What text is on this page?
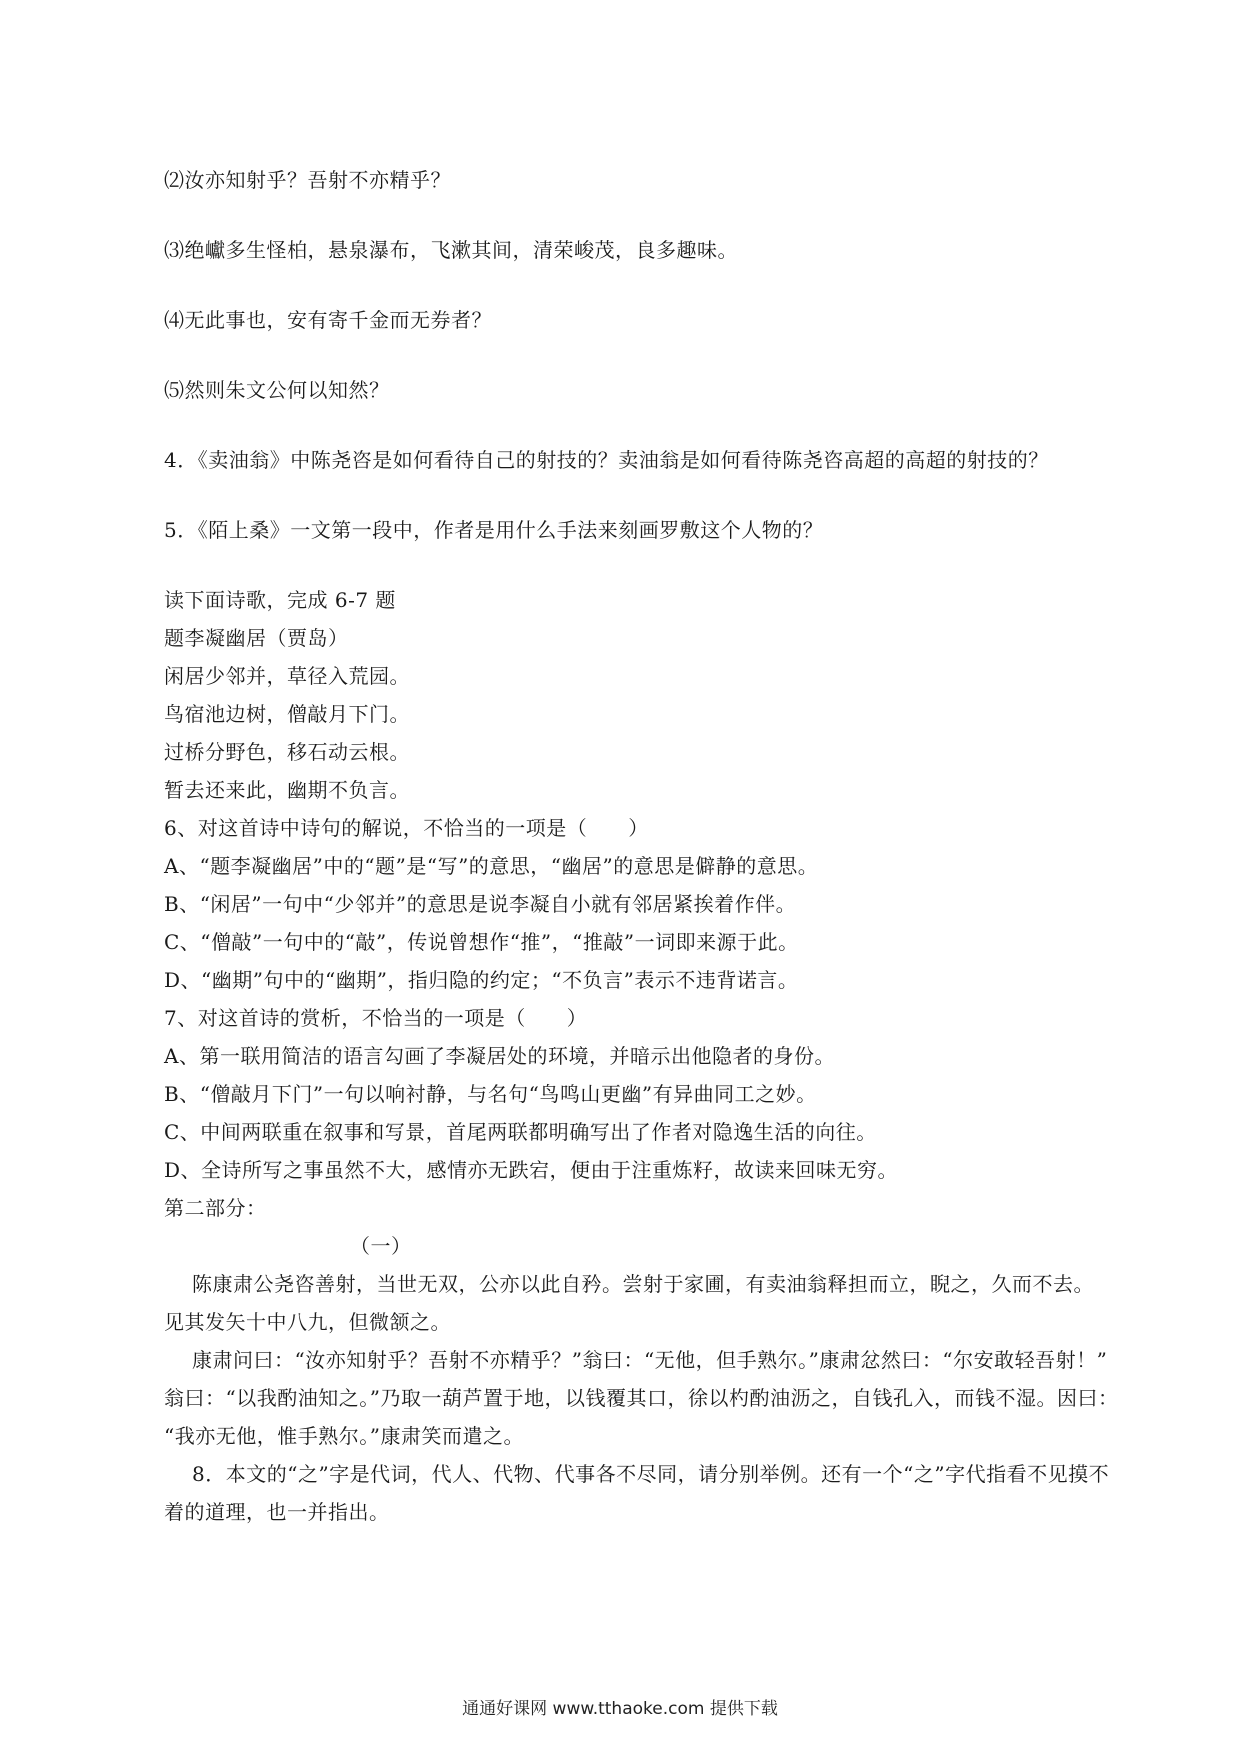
⑵汝亦知射乎？吾射不亦精乎？
⑶绝巘多生怪柏，悬泉瀑布，飞漱其间，清荣峻茂，良多趣味。
⑷无此事也，安有寄千金而无券者？
⑸然则朱文公何以知然？
4．《卖油翁》中陈尧咨是如何看待自己的射技的？卖油翁是如何看待陈尧咨高超的高超的射技的？
5．《陌上桑》一文第一段中，作者是用什么手法来刻画罗敷这个人物的？
读下面诗歌，完成 6-7 题
题李凝幽居（贾岛）
闲居少邻并，草径入荒园。
鸟宿池边树，僧敲月下门。
过桥分野色，移石动云根。
暂去还来此，幽期不负言。
6、对这首诗中诗句的解说，不恰当的一项是（　　）
A、“题李凝幽居”中的“题”是“写”的意思，“幽居”的意思是僻静的意思。
B、“闲居”一句中“少邻并”的意思是说李凝自小就有邻居紧挨着作伴。
C、“僧敲”一句中的“敲”，传说曾想作“推”，“推敲”一词即来源于此。
D、“幽期”句中的“幽期”，指归隐的约定；“不负言”表示不违背诺言。
7、对这首诗的赏析，不恰当的一项是（　　）
A、第一联用简洁的语言勾画了李凝居处的环境，并暗示出他隐者的身份。
B、“僧敲月下门”一句以响衬静，与名句“鸟鸣山更幽”有异曲同工之妙。
C、中间两联重在叙事和写景，首尾两联都明确写出了作者对隐逸生活的向往。
D、全诗所写之事虽然不大，感情亦无跌宕，便由于注重炼籽，故读来回味无穷。
第二部分：
（一）
陈康肃公尧咨善射，当世无双，公亦以此自矜。尝射于家圃，有卖油翁释担而立，睨之，久而不去。
见其发矢十中八九，但微颔之。
康肃问曰：“汝亦知射乎？吾射不亦精乎？”翁曰：“无他，但手熟尔。”康肃忿然曰：“尔安敢轻吾射！”
翁曰：“以我酌油知之。”乃取一葫芦置于地，以钱覆其口，徐以杓酌油沥之，自钱孔入，而钱不湿。因曰：
“我亦无他，惟手熟尔。”康肃笑而遣之。
8．本文的“之”字是代词，代人、代物、代事各不尽同，请分别举例。还有一个“之”字代指看不见摸不
着的道理，也一并指出。
通通好课网 www.tthaoke.com 提供下载
